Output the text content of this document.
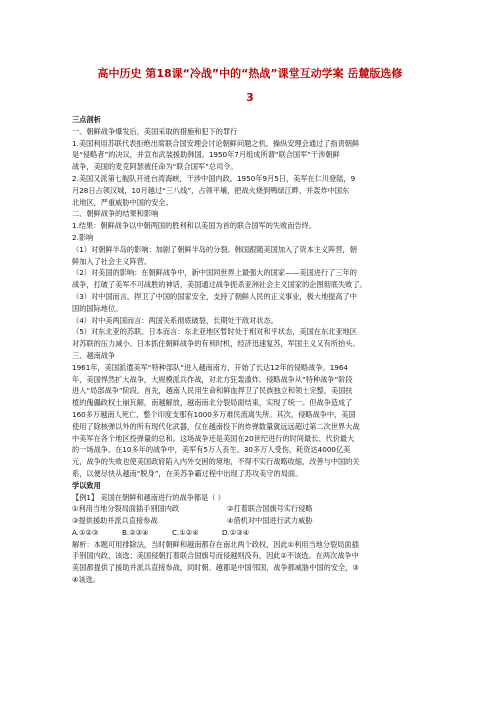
高中历史 第18课“冷战”中的“热战”课堂互动学案 岳麓版选修
3

三点剖析

一、朝鲜战争爆发后，美国采取的措施和犯下的罪行

1.美国利用苏联代表拒绝出席联合国安理会讨论朝鲜问题之机，操纵安理会通过了指责朝鲜

是“侵略者”的决议，并宣布武装援助韩国。1950年7月组成所谓“联合国军”干涉朝鲜

战争，美国的麦克阿瑟被任命为“联合国军”总司令。

2.美国又派第七舰队开进台湾海峡，干涉中国内政。1950年9月5日，美军在仁川登陆，9

月28日占领汉城，10月越过“三八线”，占领平壤，把战火烧到鸭绿江畔，并轰炸中国东

北地区，严重威胁中国的安全。

二、朝鲜战争的结果和影响

1.结果：朝鲜战争以中朝两国的胜利和以美国为首的联合国军的失败而告终。

2.影响

（1）对朝鲜半岛的影响：加剧了朝鲜半岛的分裂。韩国跟随美国加入了资本主义阵营，朝

鲜加入了社会主义阵营。

（2）对美国的影响：在朝鲜战争中，新中国同世界上最强大的国家——美国进行了三年的

战争，打破了美军不可战胜的神话，美国通过战争扼杀亚洲社会主义国家的企图彻底失败了。

（3）对中国而言，捍卫了中国的国家安全，支持了朝鲜人民的正义事业，极大地提高了中

国的国际地位。

（4）对中美两国而言：两国关系彻底破裂，长期处于敌对状态。

（5）对东北亚的苏联、日本而言：东北亚地区暂时处于相对和平状态，美国在东北亚地区

对苏联的压力减小。日本抓住朝鲜战争的有利时机，经济迅速复苏，军国主义又有所抬头。

三、越南战争

1961年，美国派遣美军“特种部队”进入越南南方，开始了长达12年的侵略战争。1964

年，美国悍然扩大战争，大规模派兵作战，对北方狂轰滥炸。侵略战争从“特种战争”阶段

进入“局部战争”阶段。首先，越南人民用生命和鲜血捍卫了民族独立和领土完整，美国扶

植的傀儡政权土崩瓦解，南越解放，越南南北分裂局面结束，实现了统一。但战争造成了

160多万越南人死亡，整个印度支那有1000多万难民流离失所。其次，侵略战争中，美国

使用了除核弹以外的所有现代化武器，仅在越南投下的炸弹数量就远远超过第二次世界大战

中美军在各个地区投弹量的总和。这场战争还是美国在20世纪进行的时间最长、代价最大

的一场战争。在10多年的战争中，美军有5万人丧生、30多万人受伤，耗资达4000亿美

元，战争的失败也使美国政府陷入内外交困的境地，不得不实行战略收缩，改善与中国的关

系，以便尽快从越南“脱身”，在美苏争霸过程中出现了苏攻美守的局面。

学以致用

【例1】 美国在朝鲜和越南进行的战争都是（ ）

①利用当地分裂局面插手别国内政	②打着联合国旗号实行侵略

③提供援助并派兵直接参战	④借机对中国进行武力威胁

A.①②③	B.②③④	C.①②④	D.①③④

解析：本题可用排除法，当时朝鲜和越南都存在南北两个政权，因此①利用当地分裂局面插

手别国内政，该选；美国侵朝打着联合国旗号而侵越则没有，因此②不该选。在两次战争中

美国都提供了援助并派兵直接参战，同时朝、越都是中国邻国，战争都威胁中国的安全，③

④该选。
